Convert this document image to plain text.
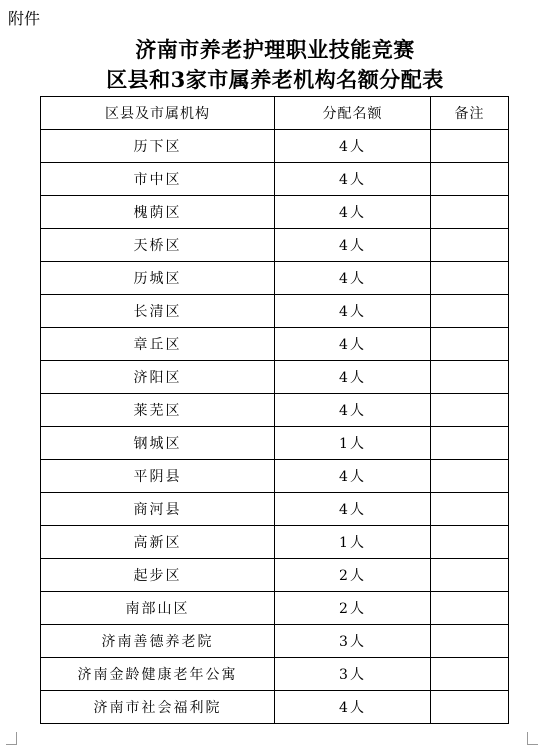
附件
济南市养老护理职业技能竞赛
区县和3家市属养老机构名额分配表
区县及市属机构	分配名额	备注
历下区	4人	
市中区	4人	
槐荫区	4人	
天桥区	4人	
历城区	4人	
长清区	4人	
章丘区	4人	
济阳区	4人	
莱芜区	4人	
钢城区	1人	
平阴县	4人	
商河县	4人	
高新区	1人	
起步区	2人	
南部山区	2人	
济南善德养老院	3人	
济南金龄健康老年公寓	3人	
济南市社会福利院	4人	
